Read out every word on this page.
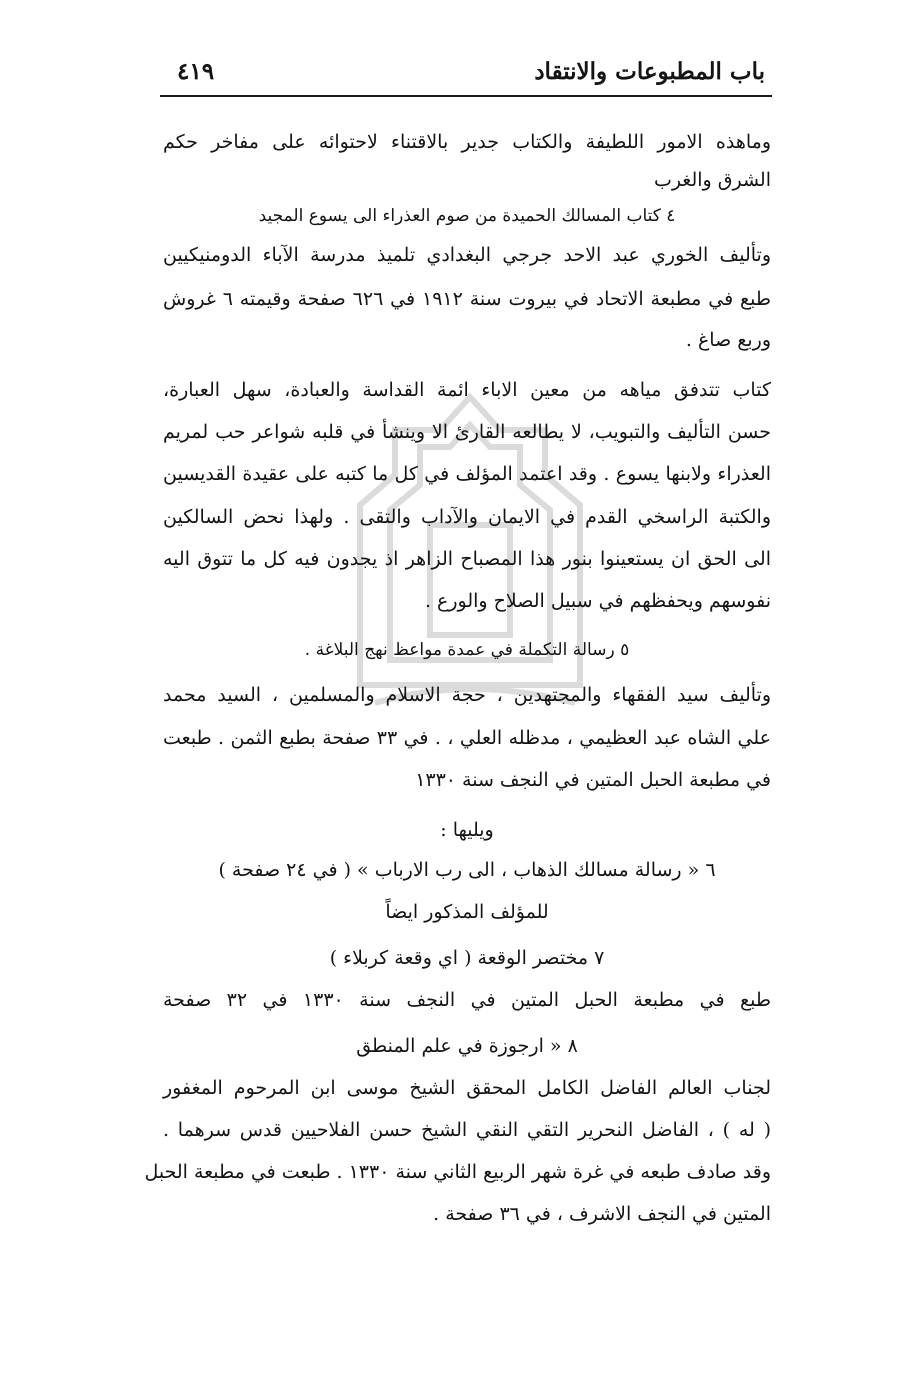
باب المطبوعات والانتقاد
٤١٩
وماهذه الامور اللطيفة والكتاب جدير بالاقتناء لاحتوائه على مفاخر حكم
الشرق والغرب
٤ كتاب المسالك الحميدة من صوم العذراء الى يسوع المجيد
وتأليف الخوري عبد الاحد جرجي البغدادي تلميذ مدرسة الآباء الدومنيكيين
طبع في مطبعة الاتحاد في بيروت سنة ١٩١٢ في ٦٢٦ صفحة وقيمته ٦ غروش
وربع صاغ .
كتاب تتدفق مياهه من معين الاباء ائمة القداسة والعبادة، سهل العبارة،
حسن التأليف والتبويب، لا يطالعه القارئ الا وينشأ في قلبه شواعر حب لمريم
العذراء ولابنها يسوع . وقد اعتمد المؤلف في كل ما كتبه على عقيدة القديسين
والكتبة الراسخي القدم في الايمان والآداب والتقى . ولهذا نحض السالكين
الى الحق ان يستعينوا بنور هذا المصباح الزاهر اذ يجدون فيه كل ما تتوق اليه
نفوسهم ويحفظهم في سبيل الصلاح والورع .
٥ رسالة التكملة في عمدة مواعظ نهج البلاغة .
وتأليف سيد الفقهاء والمجتهدين ، حجة الاسلام والمسلمين ، السيد محمد
علي الشاه عبد العظيمي ، مدظله العلي ، . في ٣٣ صفحة بطبع الثمن . طبعت
في مطبعة الحبل المتين في النجف سنة ١٣٣٠
ويليها :
٦ « رسالة مسالك الذهاب ، الى رب الارباب » ( في ٢٤ صفحة )
للمؤلف المذكور ايضاً
٧ مختصر الوقعة ( اي وقعة كربلاء )
طبع في مطبعة الحبل المتين في النجف سنة ١٣٣٠ في ٣٢ صفحة
٨ « ارجوزة في علم المنطق
لجناب العالم الفاضل الكامل المحقق الشيخ موسى ابن المرحوم المغفور
( له ) ، الفاضل النحرير التقي النقي الشيخ حسن الفلاحيين قدس سرهما .
وقد صادف طبعه في غرة شهر الربيع الثاني سنة ١٣٣٠ . طبعت في مطبعة الحبل
المتين في النجف الاشرف ، في ٣٦ صفحة .
